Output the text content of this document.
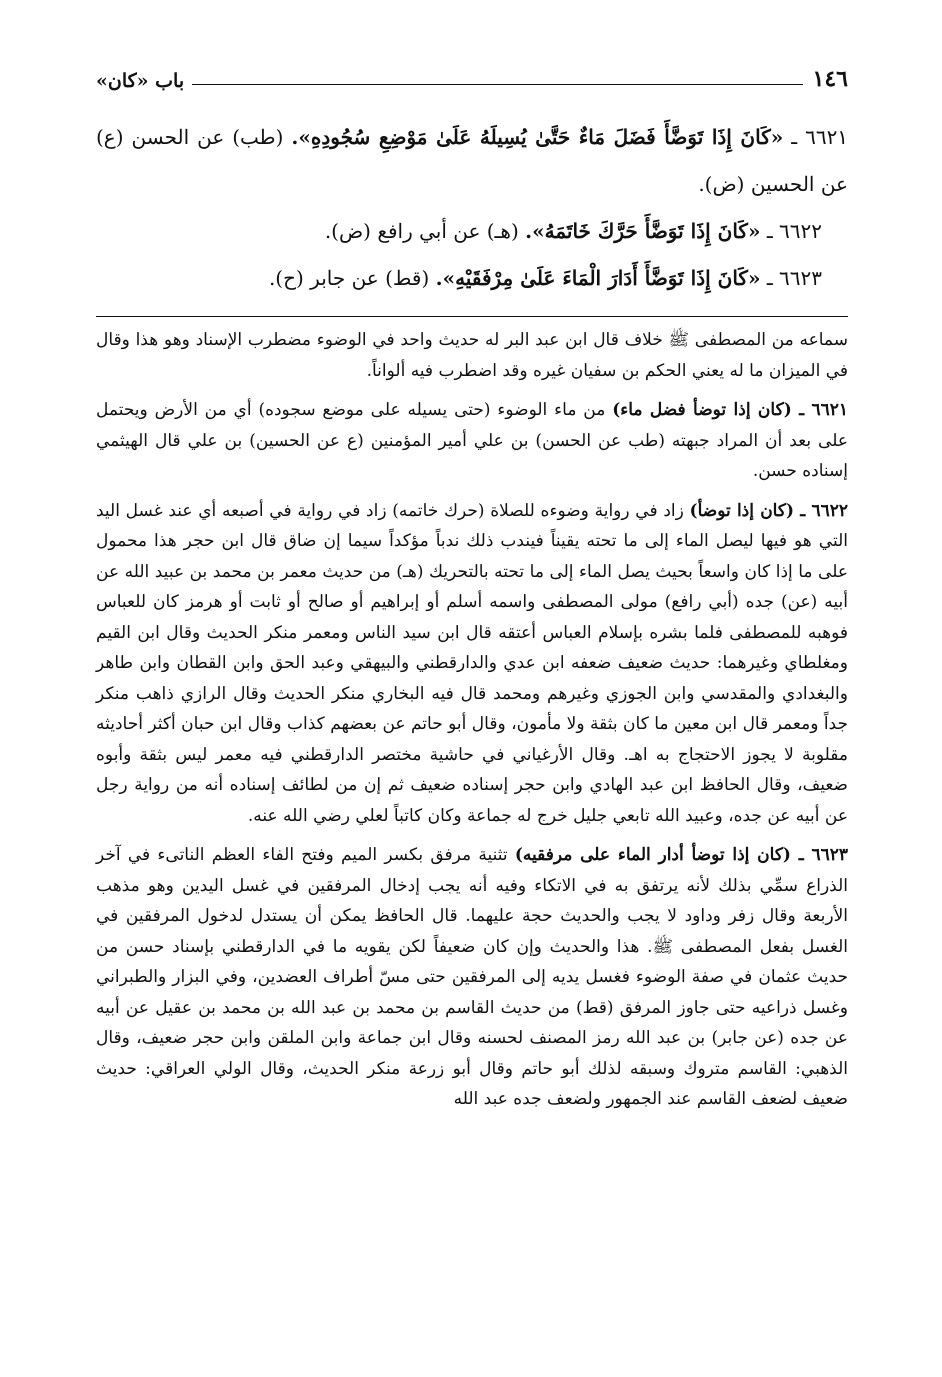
١٤٦
باب «كان»

٦٦٢١ ـ «كَانَ إِذَا تَوَضَّأَ فَضَلَ مَاءٌ حَتَّىٰ يُسِيلَهُ عَلَىٰ مَوْضِعِ سُجُودِهِ». (طب) عن الحسن (ع) عن الحسين (ض).

٦٦٢٢ ـ «كَانَ إِذَا تَوَضَّأَ حَرَّكَ خَاتَمَهُ». (هـ) عن أبي رافع (ض).

٦٦٢٣ ـ «كَانَ إِذَا تَوَضَّأَ أَدَارَ الْمَاءَ عَلَىٰ مِرْفَقَيْهِ». (قط) عن جابر (ح).

سماعه من المصطفى ﷺ خلاف قال ابن عبد البر له حديث واحد في الوضوء مضطرب الإسناد وهو هذا وقال في الميزان ما له يعني الحكم بن سفيان غيره وقد اضطرب فيه ألواناً.

٦٦٢١ ـ (كان إذا توضأ فضل ماء) من ماء الوضوء (حتى يسيله على موضع سجوده) أي من الأرض ويحتمل على بعد أن المراد جبهته (طب عن الحسن) بن علي أمير المؤمنين (ع عن الحسين) بن علي قال الهيثمي إسناده حسن.

٦٦٢٢ ـ (كان إذا توضأ) زاد في رواية وضوءه للصلاة (حرك خاتمه) زاد في رواية في أصبعه أي عند غسل اليد التي هو فيها ليصل الماء إلى ما تحته يقيناً فيندب ذلك ندباً مؤكداً سيما إن ضاق قال ابن حجر هذا محمول على ما إذا كان واسعاً بحيث يصل الماء إلى ما تحته بالتحريك (هـ) من حديث معمر بن محمد بن عبيد الله عن أبيه (عن) جده (أبي رافع) مولى المصطفى واسمه أسلم أو إبراهيم أو صالح أو ثابت أو هرمز كان للعباس فوهبه للمصطفى فلما بشره بإسلام العباس أعتقه قال ابن سيد الناس ومعمر منكر الحديث وقال ابن القيم ومغلطاي وغيرهما: حديث ضعيف ضعفه ابن عدي والدارقطني والبيهقي وعبد الحق وابن القطان وابن طاهر والبغدادي والمقدسي وابن الجوزي وغيرهم ومحمد قال فيه البخاري منكر الحديث وقال الرازي ذاهب منكر جداً ومعمر قال ابن معين ما كان بثقة ولا مأمون، وقال أبو حاتم عن بعضهم كذاب وقال ابن حبان أكثر أحاديثه مقلوبة لا يجوز الاحتجاج به اهـ. وقال الأرغياني في حاشية مختصر الدارقطني فيه معمر ليس بثقة وأبوه ضعيف، وقال الحافظ ابن عبد الهادي وابن حجر إسناده ضعيف ثم إن من لطائف إسناده أنه من رواية رجل عن أبيه عن جده، وعبيد الله تابعي جليل خرج له جماعة وكان كاتباً لعلي رضي الله عنه.

٦٦٢٣ ـ (كان إذا توضأ أدار الماء على مرفقيه) تثنية مرفق بكسر الميم وفتح الفاء العظم الناتىء في آخر الذراع سمِّي بذلك لأنه يرتفق به في الاتكاء وفيه أنه يجب إدخال المرفقين في غسل اليدين وهو مذهب الأربعة وقال زفر وداود لا يجب والحديث حجة عليهما. قال الحافظ يمكن أن يستدل لدخول المرفقين في الغسل بفعل المصطفى ﷺ. هذا والحديث وإن كان ضعيفاً لكن يقويه ما في الدارقطني بإسناد حسن من حديث عثمان في صفة الوضوء فغسل يديه إلى المرفقين حتى مسّ أطراف العضدين، وفي البزار والطبراني وغسل ذراعيه حتى جاوز المرفق (قط) من حديث القاسم بن محمد بن عبد الله بن محمد بن عقيل عن أبيه عن جده (عن جابر) بن عبد الله رمز المصنف لحسنه وقال ابن جماعة وابن الملقن وابن حجر ضعيف، وقال الذهبي: القاسم متروك وسبقه لذلك أبو حاتم وقال أبو زرعة منكر الحديث، وقال الولي العراقي: حديث ضعيف لضعف القاسم عند الجمهور ولضعف جده عبد الله
